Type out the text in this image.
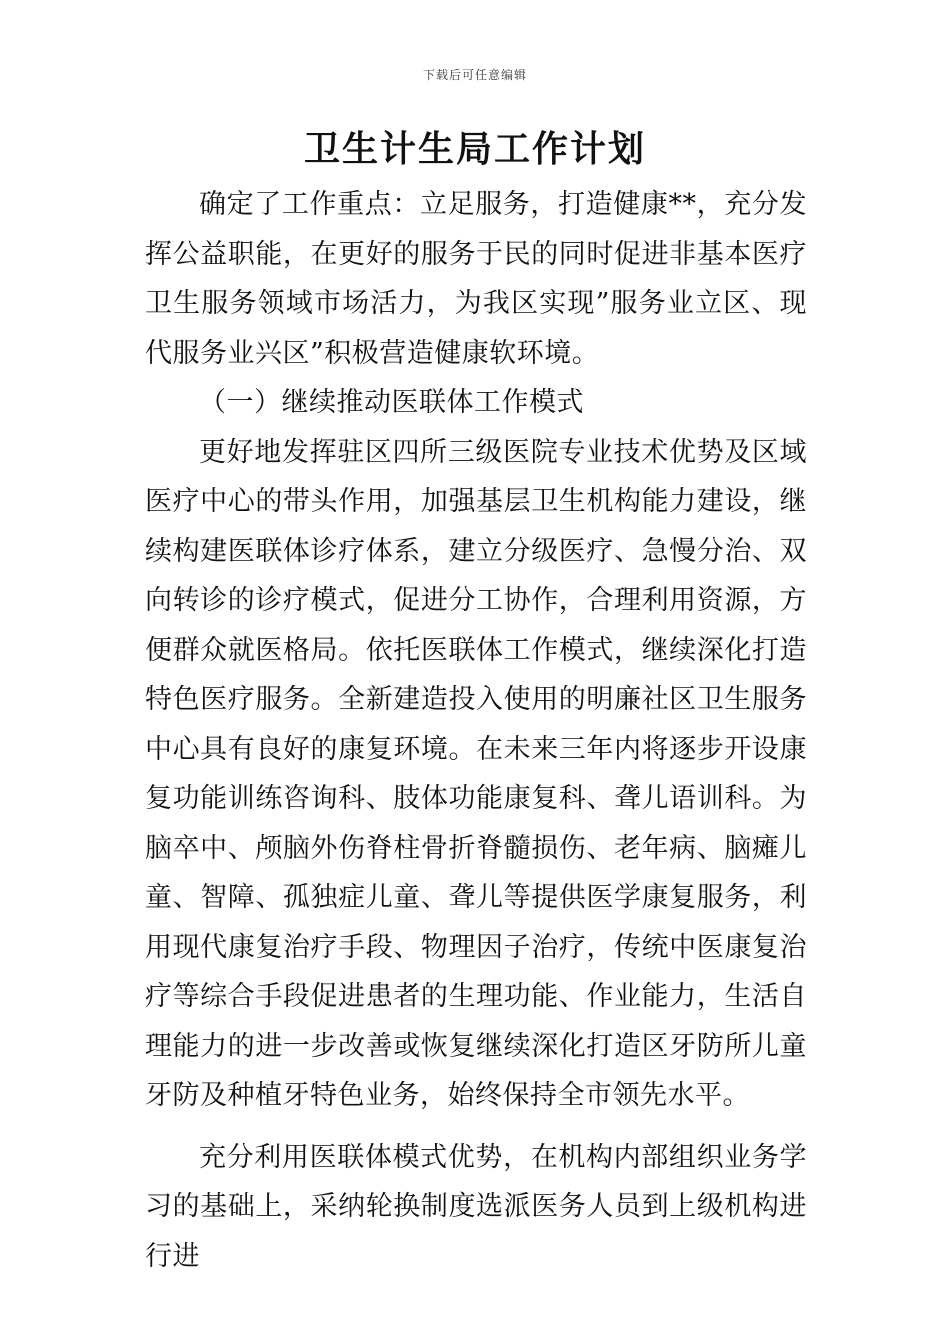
下载后可任意编辑
卫生计生局工作计划

确定了工作重点：立足服务，打造健康**，充分发挥公益职能，在更好的服务于民的同时促进非基本医疗卫生服务领域市场活力，为我区实现”服务业立区、现代服务业兴区”积极营造健康软环境。

（一）继续推动医联体工作模式

更好地发挥驻区四所三级医院专业技术优势及区域医疗中心的带头作用，加强基层卫生机构能力建设，继续构建医联体诊疗体系，建立分级医疗、急慢分治、双向转诊的诊疗模式，促进分工协作，合理利用资源，方便群众就医格局。依托医联体工作模式，继续深化打造特色医疗服务。全新建造投入使用的明廉社区卫生服务中心具有良好的康复环境。在未来三年内将逐步开设康复功能训练咨询科、肢体功能康复科、聋儿语训科。为脑卒中、颅脑外伤脊柱骨折脊髓损伤、老年病、脑瘫儿童、智障、孤独症儿童、聋儿等提供医学康复服务，利用现代康复治疗手段、物理因子治疗，传统中医康复治疗等综合手段促进患者的生理功能、作业能力，生活自理能力的进一步改善或恢复继续深化打造区牙防所儿童牙防及种植牙特色业务，始终保持全市领先水平。

充分利用医联体模式优势，在机构内部组织业务学习的基础上，采纳轮换制度选派医务人员到上级机构进行进
